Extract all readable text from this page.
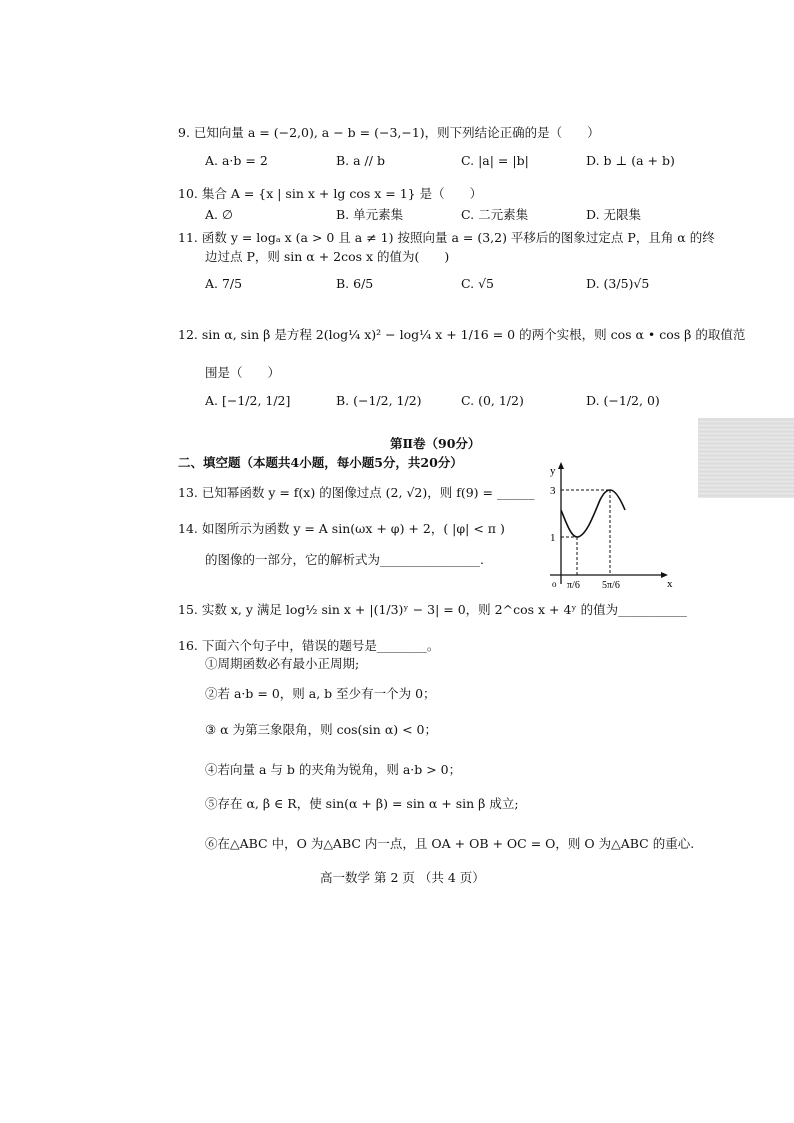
9. 已知向量 a = (−2,0), a − b = (−3,−1)，则下列结论正确的是（　　）
A. a·b = 2	B. a // b	C. |a| = |b|	D. b ⊥ (a + b)
10. 集合 A = {x | sin x + lg cos x = 1} 是（　　）
A. ∅	B. 单元素集	C. 二元素集	D. 无限集
11. 函数 y = logₐ x (a > 0 且 a ≠ 1) 按照向量 a = (3,2) 平移后的图象过定点 P，且角 α 的终
边过点 P，则 sin α + 2cos x 的值为(　　)
A. 7/5	B. 6/5	C. √5	D. (3/5)√5
12. sin α, sin β 是方程 2(log¼ x)² − log¼ x + 1/16 = 0 的两个实根，则 cos α • cos β 的取值范
围是（　　）
A. [−1/2, 1/2]	B. (−1/2, 1/2)	C. (0, 1/2)	D. (−1/2, 0)
第Ⅱ卷（90分）
二、填空题（本题共4小题，每小题5分，共20分）
13. 已知幂函数 y = f(x) 的图像过点 (2, √2)，则 f(9) = ______
14. 如图所示为函数 y = A sin(ωx + φ) + 2，( |φ| < π )
的图像的一部分，它的解析式为________________.
y
x
o
3
1
π/6 5π/6
15. 实数 x, y 满足 log½ sin x + |(1/3)ʸ − 3| = 0，则 2^cos x + 4ʸ 的值为___________
16. 下面六个句子中，错误的题号是________。
①周期函数必有最小正周期;
②若 a·b = 0，则 a, b 至少有一个为 0；
③ α 为第三象限角，则 cos(sin α) < 0；
④若向量 a 与 b 的夹角为锐角，则 a·b > 0；
⑤存在 α, β ∈ R，使 sin(α + β) = sin α + sin β 成立;
⑥在△ABC 中，O 为△ABC 内一点，且 OA + OB + OC = O，则 O 为△ABC 的重心.
高一数学 第 2 页 （共 4 页）
